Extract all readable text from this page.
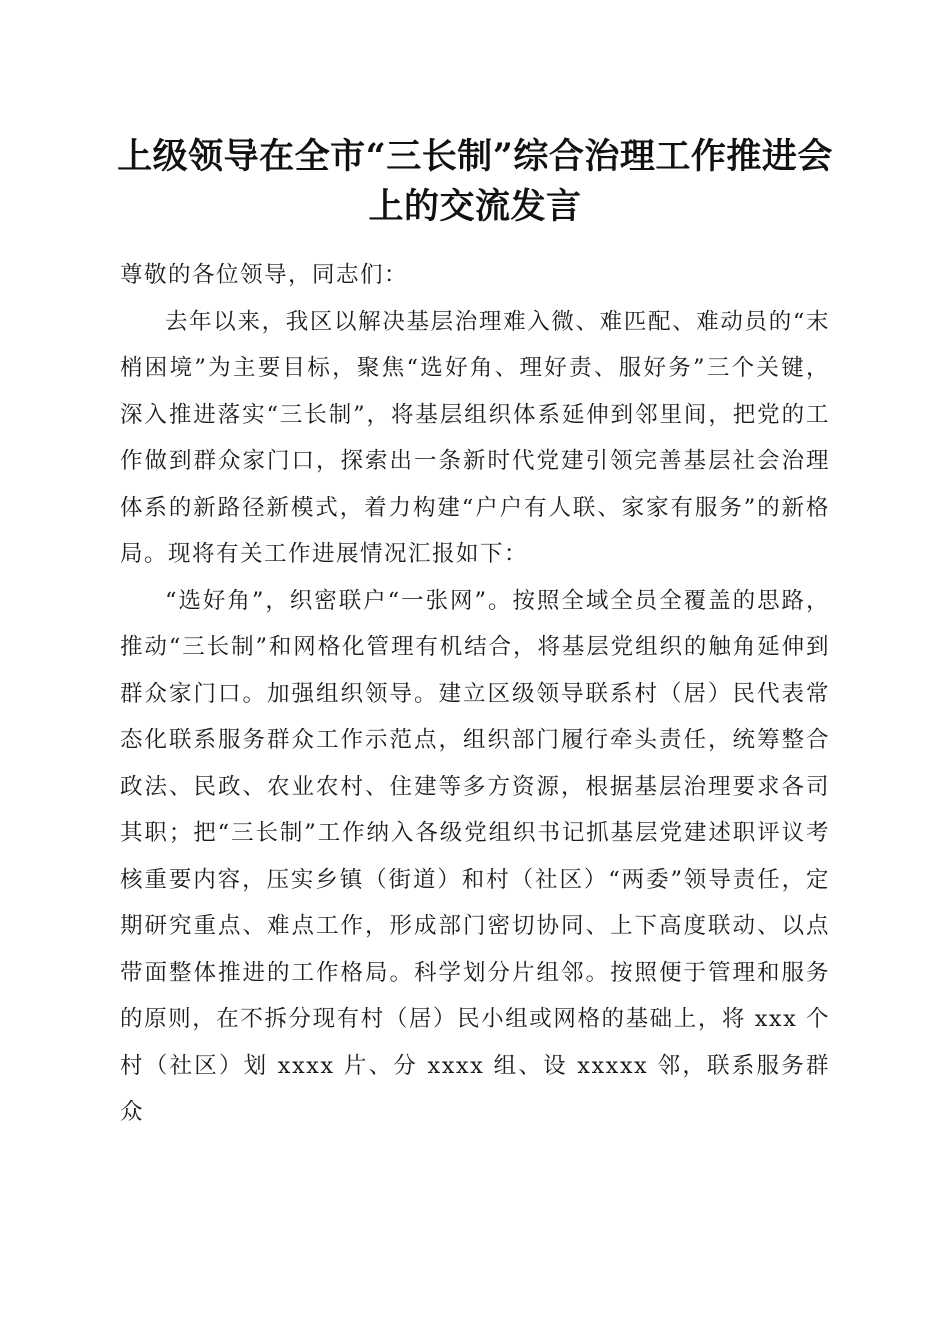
上级领导在全市“三长制”综合治理工作推进会上的交流发言

尊敬的各位领导，同志们：

去年以来，我区以解决基层治理难入微、难匹配、难动员的“末梢困境”为主要目标，聚焦“选好角、理好责、服好务”三个关键，深入推进落实“三长制”，将基层组织体系延伸到邻里间，把党的工作做到群众家门口，探索出一条新时代党建引领完善基层社会治理体系的新路径新模式，着力构建“户户有人联、家家有服务”的新格局。现将有关工作进展情况汇报如下：

“选好角”，织密联户“一张网”。按照全域全员全覆盖的思路，推动“三长制”和网格化管理有机结合，将基层党组织的触角延伸到群众家门口。加强组织领导。建立区级领导联系村（居）民代表常态化联系服务群众工作示范点，组织部门履行牵头责任，统筹整合政法、民政、农业农村、住建等多方资源，根据基层治理要求各司其职；把“三长制”工作纳入各级党组织书记抓基层党建述职评议考核重要内容，压实乡镇（街道）和村（社区）“两委”领导责任，定期研究重点、难点工作，形成部门密切协同、上下高度联动、以点带面整体推进的工作格局。科学划分片组邻。按照便于管理和服务的原则，在不拆分现有村（居）民小组或网格的基础上，将 xxx 个村（社区）划 xxxx 片、分 xxxx 组、设 xxxxx 邻，联系服务群众
